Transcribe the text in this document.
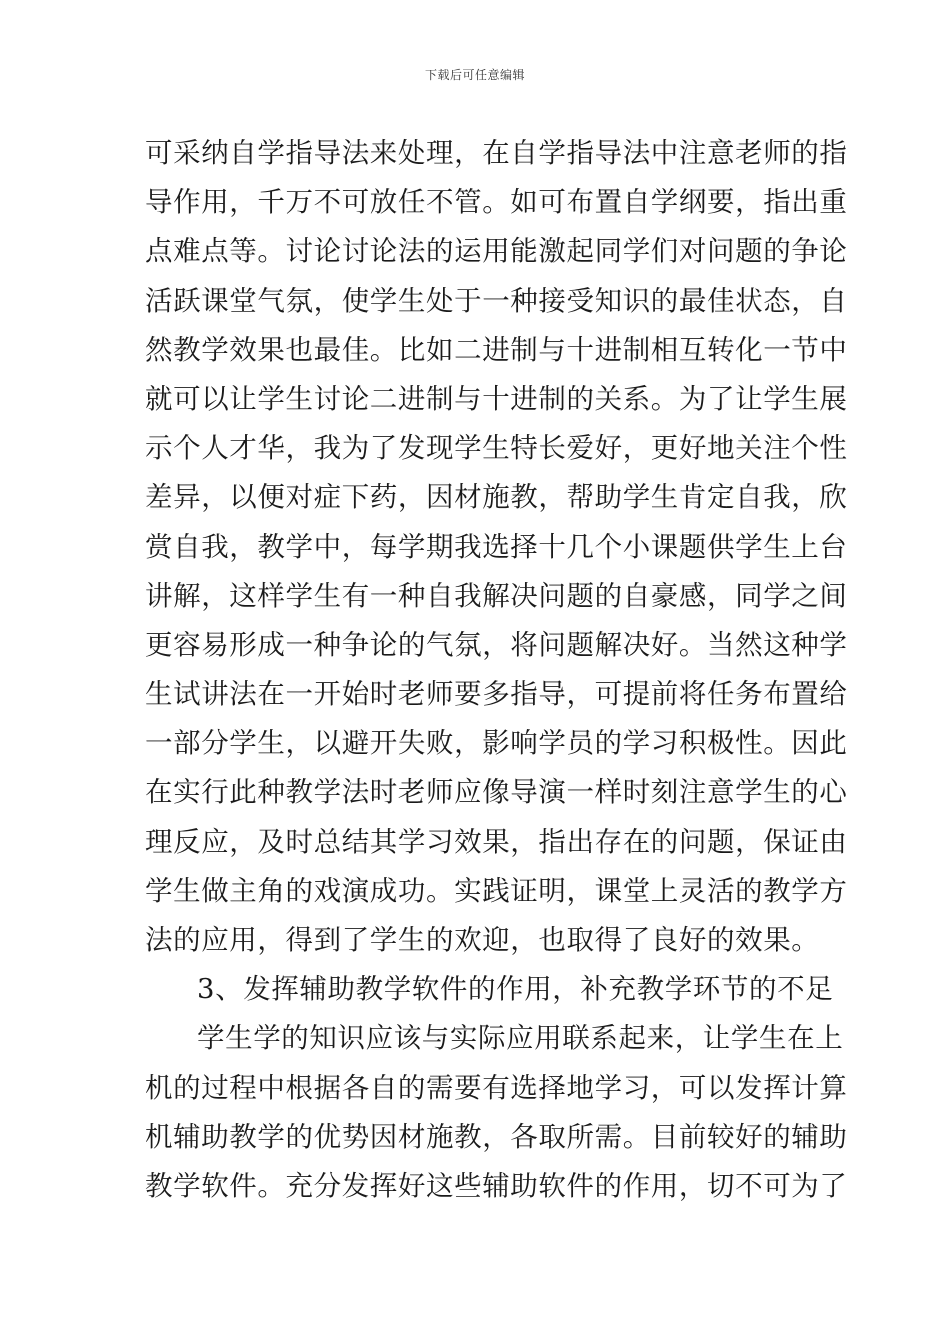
下载后可任意编辑
可采纳自学指导法来处理，在自学指导法中注意老师的指
导作用，千万不可放任不管。如可布置自学纲要，指出重
点难点等。讨论讨论法的运用能激起同学们对问题的争论
活跃课堂气氛，使学生处于一种接受知识的最佳状态，自
然教学效果也最佳。比如二进制与十进制相互转化一节中
就可以让学生讨论二进制与十进制的关系。为了让学生展
示个人才华，我为了发现学生特长爱好，更好地关注个性
差异，以便对症下药，因材施教，帮助学生肯定自我，欣
赏自我，教学中，每学期我选择十几个小课题供学生上台
讲解，这样学生有一种自我解决问题的自豪感，同学之间
更容易形成一种争论的气氛，将问题解决好。当然这种学
生试讲法在一开始时老师要多指导，可提前将任务布置给
一部分学生，以避开失败，影响学员的学习积极性。因此
在实行此种教学法时老师应像导演一样时刻注意学生的心
理反应，及时总结其学习效果，指出存在的问题，保证由
学生做主角的戏演成功。实践证明，课堂上灵活的教学方
法的应用，得到了学生的欢迎，也取得了良好的效果。
3、发挥辅助教学软件的作用，补充教学环节的不足
学生学的知识应该与实际应用联系起来，让学生在上
机的过程中根据各自的需要有选择地学习，可以发挥计算
机辅助教学的优势因材施教，各取所需。目前较好的辅助
教学软件。充分发挥好这些辅助软件的作用，切不可为了
